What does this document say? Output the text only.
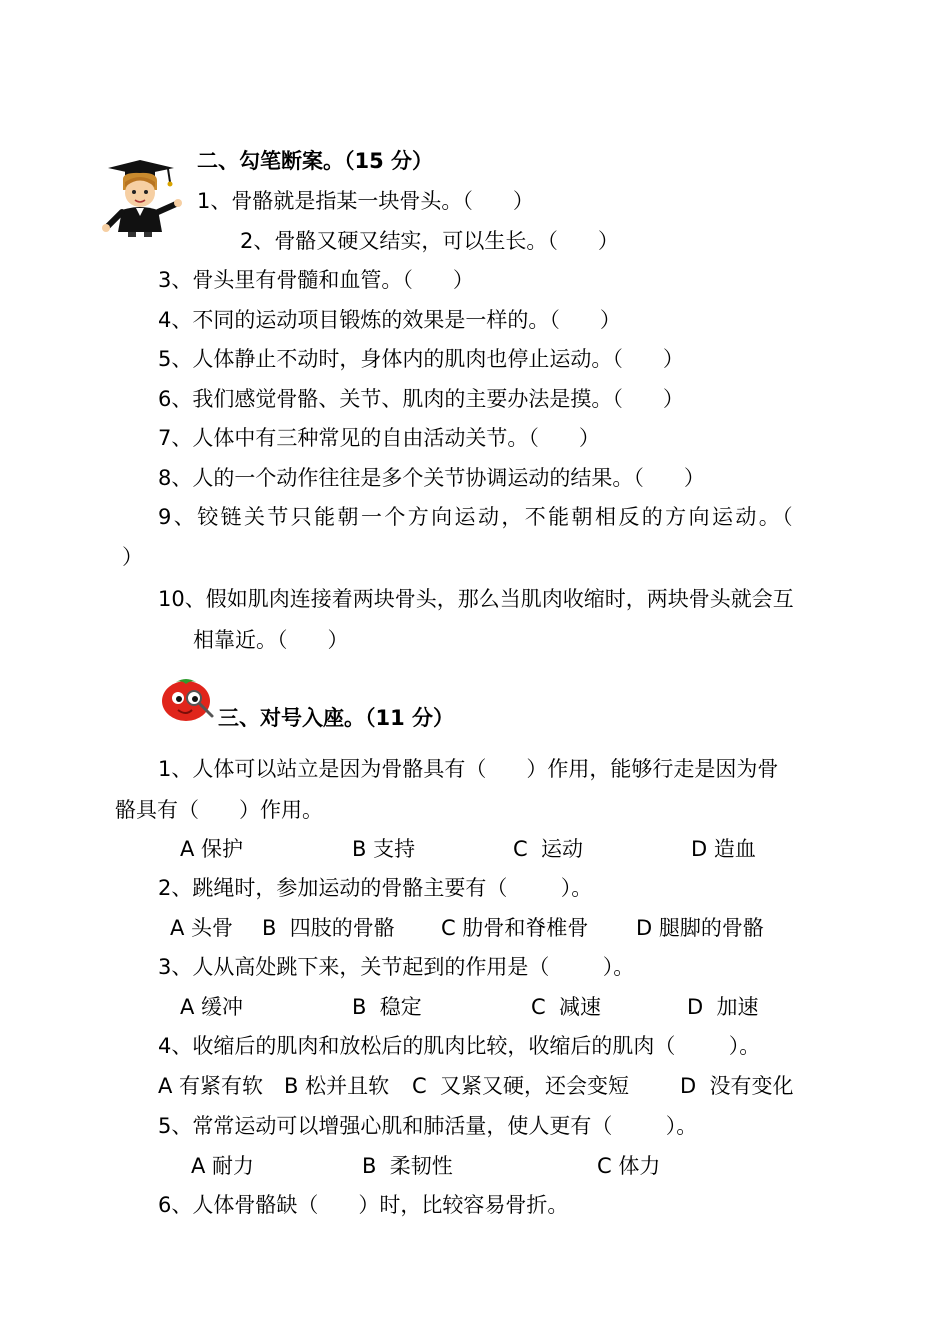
二、勾笔断案。（15 分）
1、骨骼就是指某一块骨头。（      ）
2、骨骼又硬又结实，可以生长。（      ）
3、骨头里有骨髓和血管。（      ）
4、不同的运动项目锻炼的效果是一样的。（      ）
5、人体静止不动时，身体内的肌肉也停止运动。（      ）
6、我们感觉骨骼、关节、肌肉的主要办法是摸。（      ）
7、人体中有三种常见的自由活动关节。（      ）
8、人的一个动作往往是多个关节协调运动的结果。（      ）
9、铰链关节只能朝一个方向运动，不能朝相反的方向运动。（
）
10、假如肌肉连接着两块骨头，那么当肌肉收缩时，两块骨头就会互
相靠近。（      ）
三、对号入座。（11 分）
1、人体可以站立是因为骨骼具有（      ）作用，能够行走是因为骨
骼具有（      ）作用。

A 保护

	B 支持

	C  运动

	D 造血

2、跳绳时，参加运动的骨骼主要有（        ）。

A 头骨

B  四肢的骨骼

C 肋骨和脊椎骨

D 腿脚的骨骼

3、人从高处跳下来，关节起到的作用是（        ）。

A 缓冲

	B  稳定

	C  减速

	D  加速

4、收缩后的肌肉和放松后的肌肉比较，收缩后的肌肉（        ）。

A 有紧有软

B 松并且软

C  又紧又硬，还会变短

D  没有变化

5、常常运动可以增强心肌和肺活量，使人更有（        ）。

A 耐力

	B  柔韧性

	C 体力

6、人体骨骼缺（      ）时，比较容易骨折。
